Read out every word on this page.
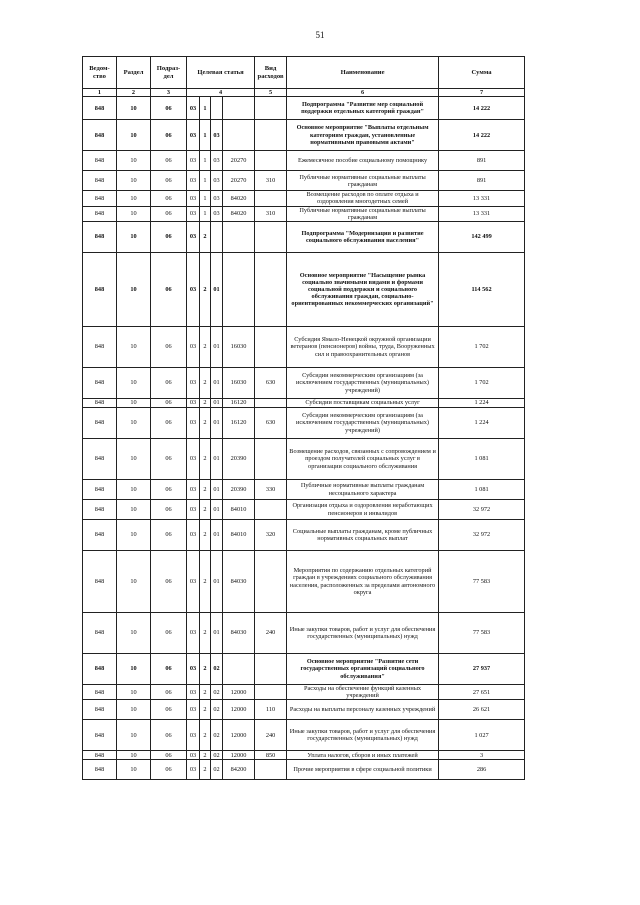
51
Ведом-ство	Раздел	Подраз-дел	Целевая статья				Вид расходов	Наименование	Сумма
1	2	3	4				5	6	7
848	10	06	03	1				Подпрограмма "Развитие мер социальной поддержки отдельных категорий граждан"	14 222
848	10	06	03	1	03			Основное мероприятие "Выплаты отдельным категориям граждан, установленные нормативными правовыми актами"	14 222
848	10	06	03	1	03	20270		Ежемесячное пособие социальному помощнику	891
848	10	06	03	1	03	20270	310	Публичные нормативные социальные выплаты гражданам	891
848	10	06	03	1	03	84020		Возмещение расходов по оплате отдыха и оздоровления многодетных семей	13 331
848	10	06	03	1	03	84020	310	Публичные нормативные социальные выплаты гражданам	13 331
848	10	06	03	2				Подпрограмма "Модернизация и развитие социального обслуживания населения"	142 499
848	10	06	03	2	01			Основное мероприятие "Насыщение рынка социально значимыми видами и формами социальной поддержки и социального обслуживания граждан, социально-ориентированных некоммерческих организаций"	114 562
848	10	06	03	2	01	16030		Субсидия Ямало-Ненецкой окружной организации ветеранов (пенсионеров) войны, труда, Вооруженных сил и правоохранительных органов	1 702
848	10	06	03	2	01	16030	630	Субсидии некоммерческим организациям (за исключением государственных (муниципальных) учреждений)	1 702
848	10	06	03	2	01	16120		Субсидии поставщикам социальных услуг	1 224
848	10	06	03	2	01	16120	630	Субсидии некоммерческим организациям (за исключением государственных (муниципальных) учреждений)	1 224
848	10	06	03	2	01	20390		Возмещение расходов, связанных с сопровождением и проездом получателей социальных услуг в организации социального обслуживания	1 081
848	10	06	03	2	01	20390	330	Публичные нормативные выплаты гражданам несоциального характера	1 081
848	10	06	03	2	01	84010		Организация отдыха и оздоровления неработающих пенсионеров и инвалидов	32 972
848	10	06	03	2	01	84010	320	Социальные выплаты гражданам, кроме публичных нормативных социальных выплат	32 972
848	10	06	03	2	01	84030		Мероприятия по содержанию отдельных категорий граждан в учреждениях социального обслуживания населения, расположенных за пределами автономного округа	77 583
848	10	06	03	2	01	84030	240	Иные закупки товаров, работ и услуг для обеспечения государственных (муниципальных) нужд	77 583
848	10	06	03	2	02			Основное мероприятие "Развитие сети государственных организаций социального обслуживания"	27 937
848	10	06	03	2	02	12000		Расходы на обеспечение функций казенных учреждений	27 651
848	10	06	03	2	02	12000	110	Расходы на выплаты персоналу казенных учреждений	26 621
848	10	06	03	2	02	12000	240	Иные закупки товаров, работ и услуг для обеспечения государственных (муниципальных) нужд	1 027
848	10	06	03	2	02	12000	850	Уплата налогов, сборов и иных платежей	3
848	10	06	03	2	02	84200		Прочие мероприятия в сфере социальной политики	286
